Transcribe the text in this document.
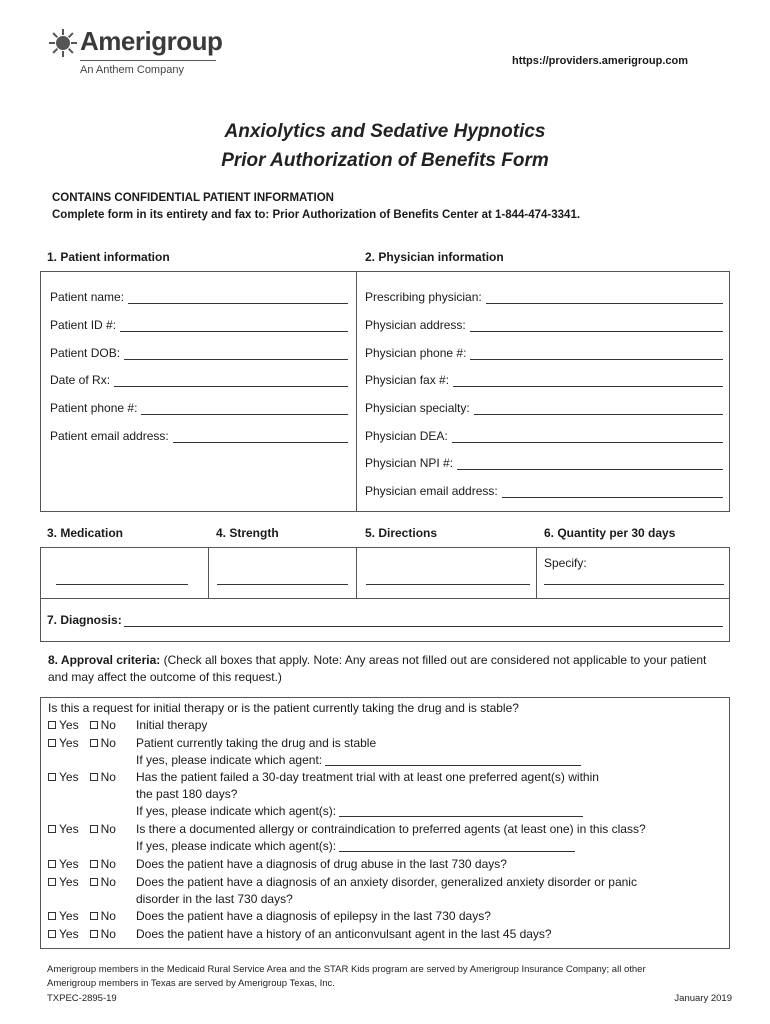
Amerigroup
An Anthem Company
https://providers.amerigroup.com
Anxiolytics and Sedative Hypnotics
Prior Authorization of Benefits Form
CONTAINS CONFIDENTIAL PATIENT INFORMATION
Complete form in its entirety and fax to: Prior Authorization of Benefits Center at 1-844-474-3341.
1. Patient information	2. Physician information
Patient name:
Patient ID #:
Patient DOB:
Date of Rx:
Patient phone #:
Patient email address:
Prescribing physician:
Physician address:
Physician phone #:
Physician fax #:
Physician specialty:
Physician DEA:
Physician NPI #:
Physician email address:
3. Medication	4. Strength	5. Directions	6. Quantity per 30 days
Specify:
7. Diagnosis:
8. Approval criteria: (Check all boxes that apply. Note: Any areas not filled out are considered not applicable to your patient and may affect the outcome of this request.)
Is this a request for initial therapy or is the patient currently taking the drug and is stable?
Yes	No Initial therapy
Yes	No Patient currently taking the drug and is stable
If yes, please indicate which agent:
Yes	No Has the patient failed a 30-day treatment trial with at least one preferred agent(s) within
the past 180 days?
If yes, please indicate which agent(s):
Yes	No Is there a documented allergy or contraindication to preferred agents (at least one) in this class?
If yes, please indicate which agent(s):
Yes	No Does the patient have a diagnosis of drug abuse in the last 730 days?
Yes	No Does the patient have a diagnosis of an anxiety disorder, generalized anxiety disorder or panic
disorder in the last 730 days?
Yes	No Does the patient have a diagnosis of epilepsy in the last 730 days?
Yes	No Does the patient have a history of an anticonvulsant agent in the last 45 days?
Amerigroup members in the Medicaid Rural Service Area and the STAR Kids program are served by Amerigroup Insurance Company; all other
Amerigroup members in Texas are served by Amerigroup Texas, Inc.
TXPEC-2895-19	January 2019
